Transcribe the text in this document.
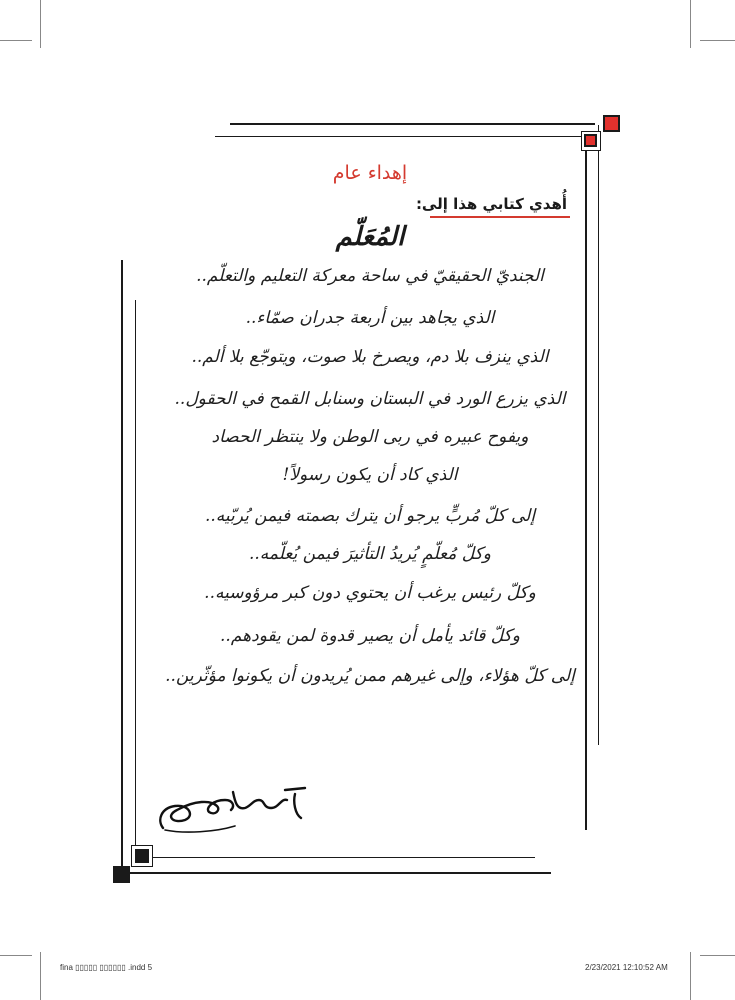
إهداء عام
أُهدي كتابي هذا إلى:
المُعَلّم
الجنديّ الحقيقيّ في ساحة معركة التعليم والتعلّم..
الذي يجاهد بين أربعة جدران صمّاء..
الذي ينزف بلا دم، ويصرخ بلا صوت، ويتوجّع بلا ألم..
الذي يزرع الورد في البستان وسنابل القمح في الحقول..
ويفوح عبيره في ربى الوطن ولا ينتظر الحصاد
الذي كاد أن يكون رسولاً!
إلى كلّ مُربٍّ يرجو أن يترك بصمته فيمن يُربّيه..
وكلّ مُعلّمٍ يُريدُ التأثيرَ فيمن يُعلّمه..
وكلّ رئيس يرغب أن يحتوي دون كبر مرؤوسيه..
وكلّ قائد يأمل أن يصير قدوة لمن يقودهم..
إلى كلّ هؤلاء، وإلى غيرهم ممن يُريدون أن يكونوا مؤثّرين..
fina ▯▯▯▯▯ ▯▯▯▯▯▯ .indd 5	2/23/2021 12:10:52 AM
